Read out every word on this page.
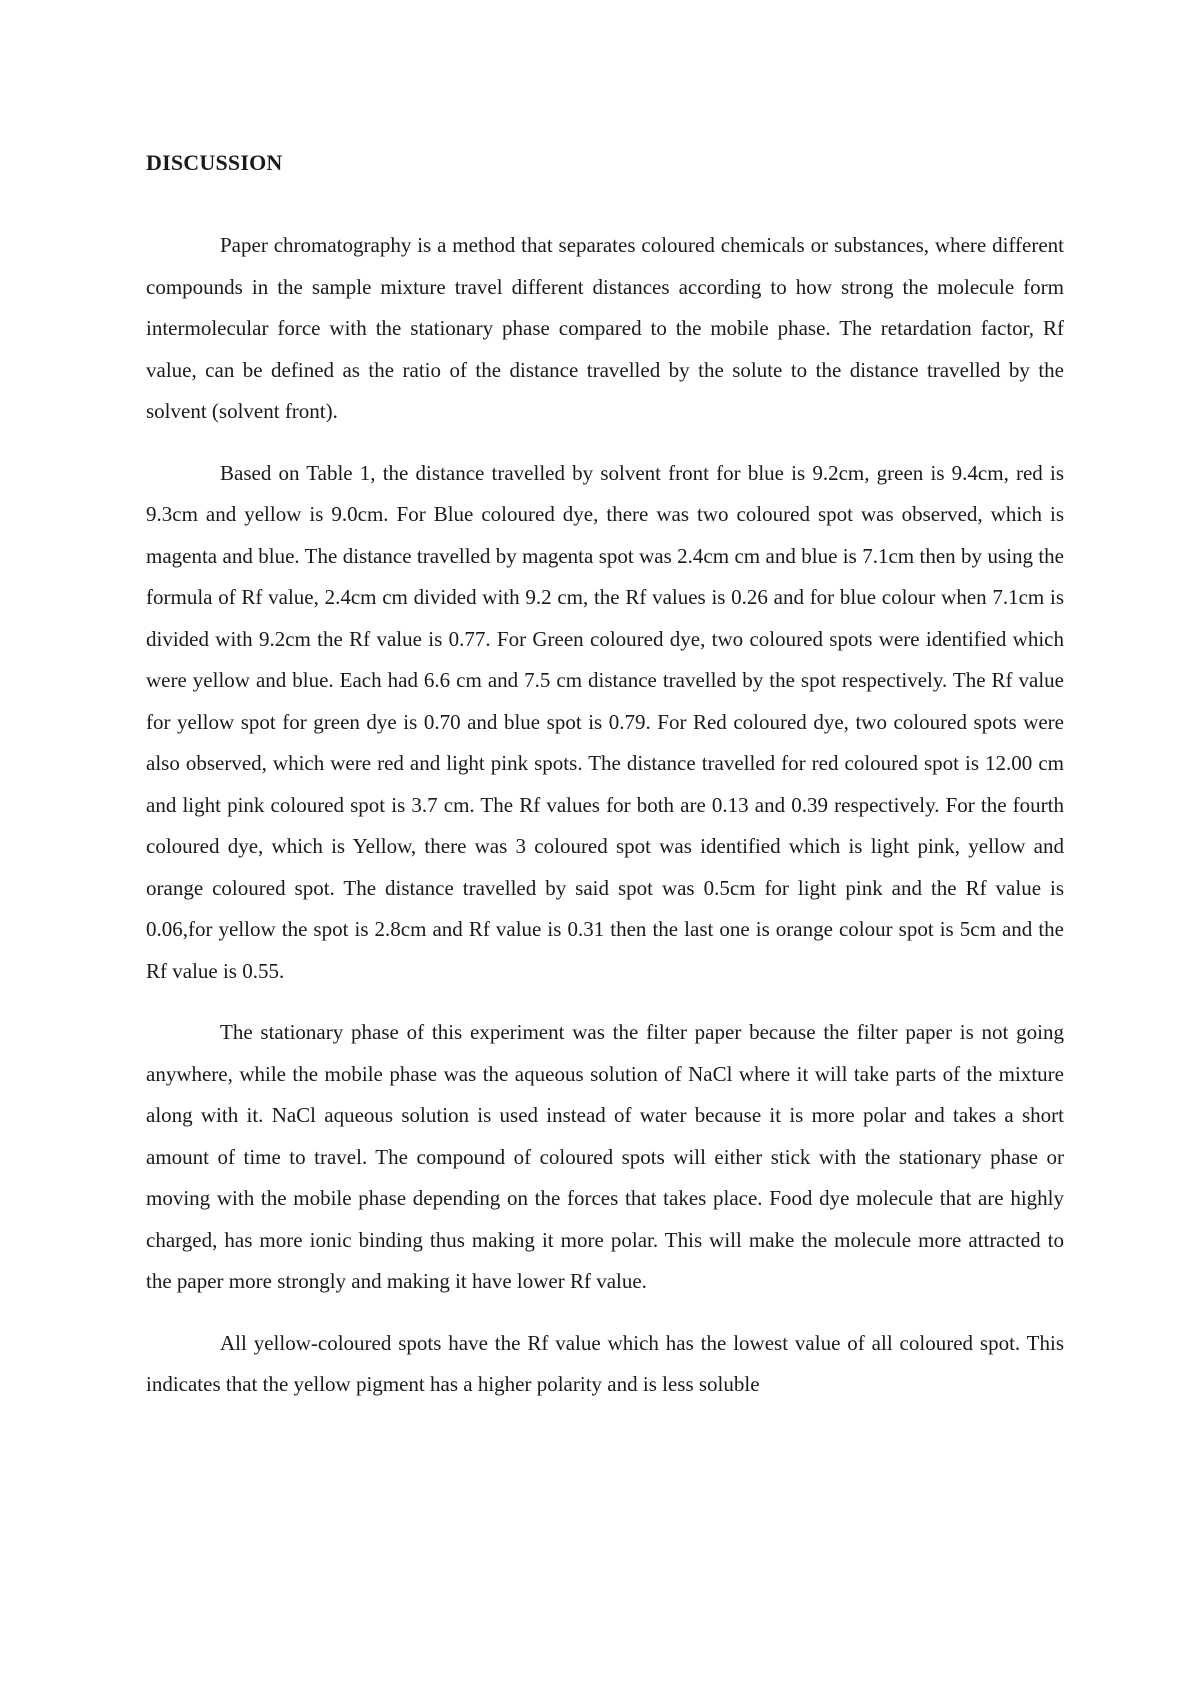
DISCUSSION

Paper chromatography is a method that separates coloured chemicals or substances, where different compounds in the sample mixture travel different distances according to how strong the molecule form intermolecular force with the stationary phase compared to the mobile phase. The retardation factor, Rf value, can be defined as the ratio of the distance travelled by the solute to the distance travelled by the solvent (solvent front).

Based on Table 1, the distance travelled by solvent front for blue is 9.2cm, green is 9.4cm, red is 9.3cm and yellow is 9.0cm. For Blue coloured dye, there was two coloured spot was observed, which is magenta and blue. The distance travelled by magenta spot was 2.4cm cm and blue is 7.1cm then by using the formula of Rf value, 2.4cm cm divided with 9.2 cm, the Rf values is 0.26 and for blue colour when 7.1cm is divided with 9.2cm the Rf value is 0.77. For Green coloured dye, two coloured spots were identified which were yellow and blue. Each had 6.6 cm and 7.5 cm distance travelled by the spot respectively. The Rf value for yellow spot for green dye is 0.70 and blue spot is 0.79. For Red coloured dye, two coloured spots were also observed, which were red and light pink spots. The distance travelled for red coloured spot is 12.00 cm and light pink coloured spot is 3.7 cm. The Rf values for both are 0.13 and 0.39 respectively. For the fourth coloured dye, which is Yellow, there was 3 coloured spot was identified which is light pink, yellow and orange coloured spot. The distance travelled by said spot was 0.5cm for light pink and the Rf value is 0.06,for yellow the spot is 2.8cm and Rf value is 0.31 then the last one is orange colour spot is 5cm and the Rf value is 0.55.

The stationary phase of this experiment was the filter paper because the filter paper is not going anywhere, while the mobile phase was the aqueous solution of NaCl where it will take parts of the mixture along with it. NaCl aqueous solution is used instead of water because it is more polar and takes a short amount of time to travel. The compound of coloured spots will either stick with the stationary phase or moving with the mobile phase depending on the forces that takes place. Food dye molecule that are highly charged, has more ionic binding thus making it more polar. This will make the molecule more attracted to the paper more strongly and making it have lower Rf value.

All yellow-coloured spots have the Rf value which has the lowest value of all coloured spot. This indicates that the yellow pigment has a higher polarity and is less soluble
